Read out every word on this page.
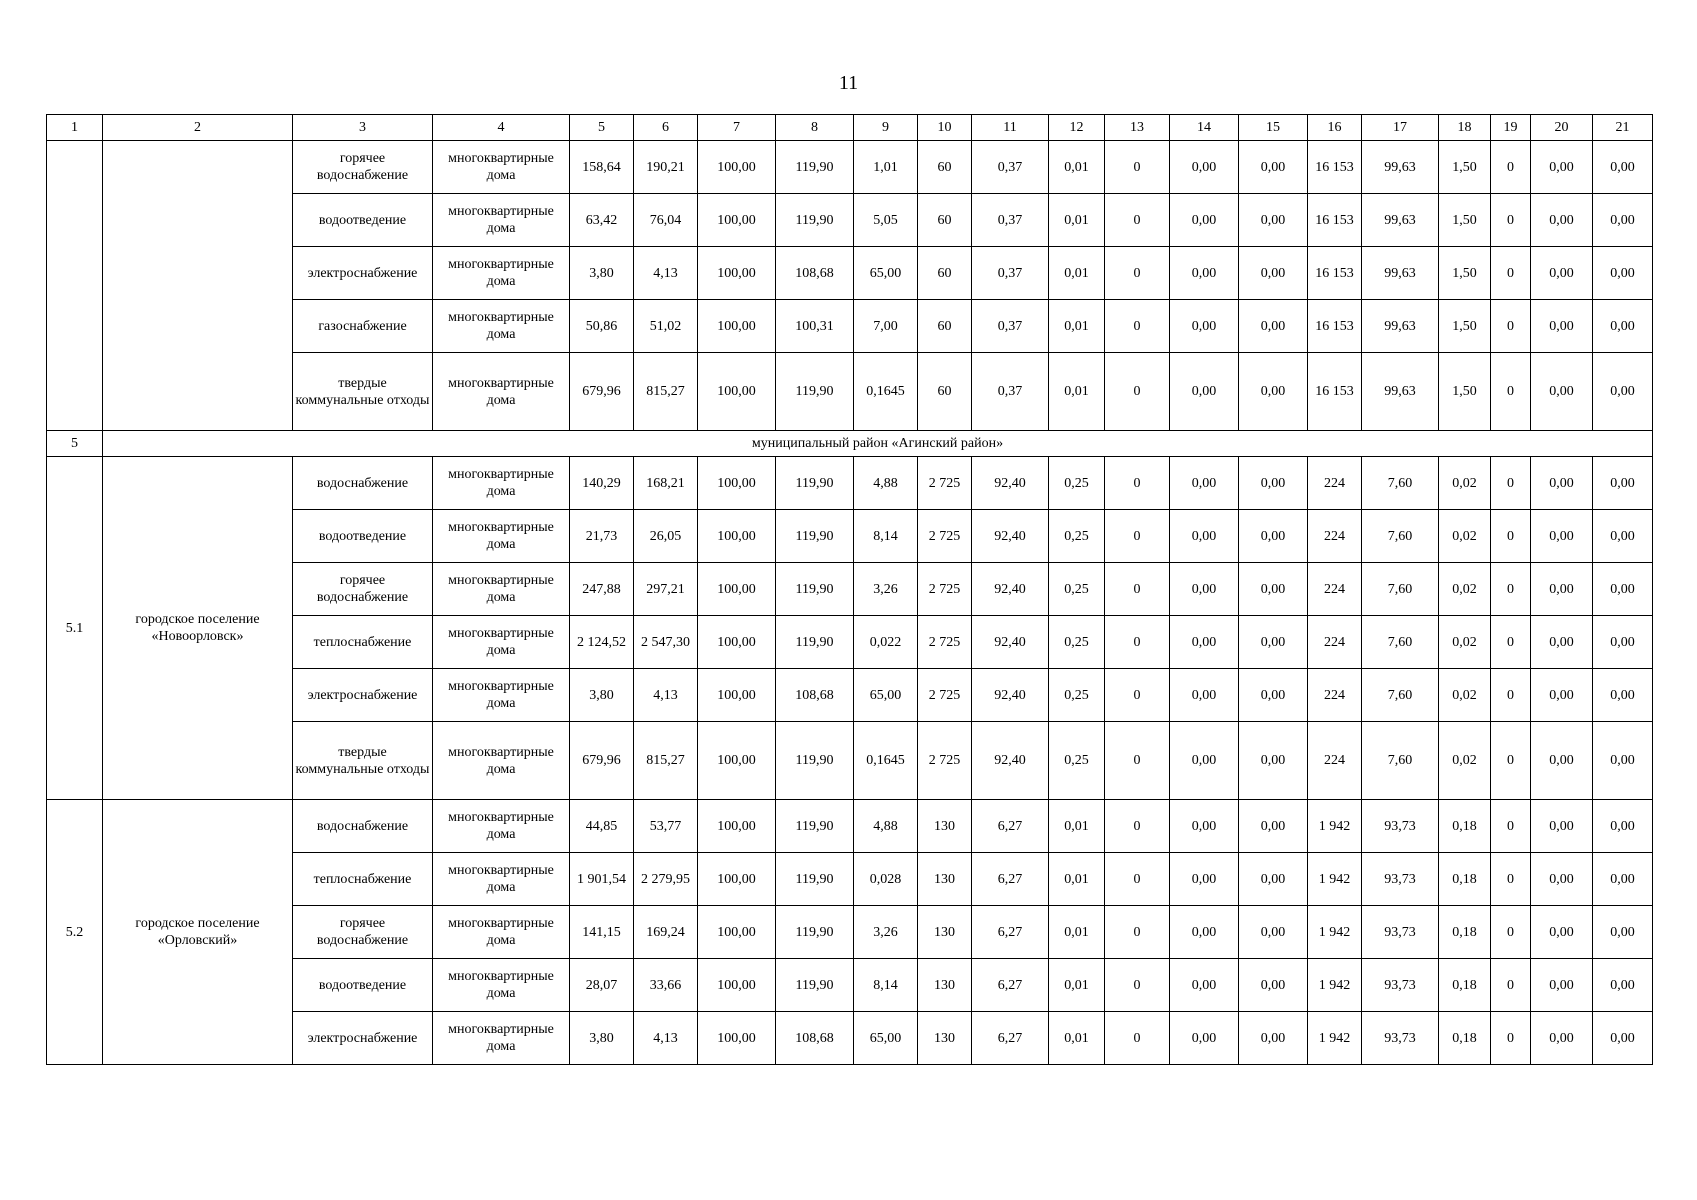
11
1	2	3	4	5	6	7	8	9	10	11	12	13	14	15	16	17	18	19	20	21
		горячее водоснабжение	многоквартирные дома	158,64	190,21	100,00	119,90	1,01	60	0,37	0,01	0	0,00	0,00	16 153	99,63	1,50	0	0,00	0,00
		водоотведение	многоквартирные дома	63,42	76,04	100,00	119,90	5,05	60	0,37	0,01	0	0,00	0,00	16 153	99,63	1,50	0	0,00	0,00
		электроснабжение	многоквартирные дома	3,80	4,13	100,00	108,68	65,00	60	0,37	0,01	0	0,00	0,00	16 153	99,63	1,50	0	0,00	0,00
		газоснабжение	многоквартирные дома	50,86	51,02	100,00	100,31	7,00	60	0,37	0,01	0	0,00	0,00	16 153	99,63	1,50	0	0,00	0,00
		твердые коммунальные отходы	многоквартирные дома	679,96	815,27	100,00	119,90	0,1645	60	0,37	0,01	0	0,00	0,00	16 153	99,63	1,50	0	0,00	0,00
5	муниципальный район «Агинский район»																			
5.1	городское поселение «Новоорловск»	водоснабжение	многоквартирные дома	140,29	168,21	100,00	119,90	4,88	2 725	92,40	0,25	0	0,00	0,00	224	7,60	0,02	0	0,00	0,00
		водоотведение	многоквартирные дома	21,73	26,05	100,00	119,90	8,14	2 725	92,40	0,25	0	0,00	0,00	224	7,60	0,02	0	0,00	0,00
		горячее водоснабжение	многоквартирные дома	247,88	297,21	100,00	119,90	3,26	2 725	92,40	0,25	0	0,00	0,00	224	7,60	0,02	0	0,00	0,00
		теплоснабжение	многоквартирные дома	2 124,52	2 547,30	100,00	119,90	0,022	2 725	92,40	0,25	0	0,00	0,00	224	7,60	0,02	0	0,00	0,00
		электроснабжение	многоквартирные дома	3,80	4,13	100,00	108,68	65,00	2 725	92,40	0,25	0	0,00	0,00	224	7,60	0,02	0	0,00	0,00
		твердые коммунальные отходы	многоквартирные дома	679,96	815,27	100,00	119,90	0,1645	2 725	92,40	0,25	0	0,00	0,00	224	7,60	0,02	0	0,00	0,00
5.2	городское поселение «Орловский»	водоснабжение	многоквартирные дома	44,85	53,77	100,00	119,90	4,88	130	6,27	0,01	0	0,00	0,00	1 942	93,73	0,18	0	0,00	0,00
		теплоснабжение	многоквартирные дома	1 901,54	2 279,95	100,00	119,90	0,028	130	6,27	0,01	0	0,00	0,00	1 942	93,73	0,18	0	0,00	0,00
		горячее водоснабжение	многоквартирные дома	141,15	169,24	100,00	119,90	3,26	130	6,27	0,01	0	0,00	0,00	1 942	93,73	0,18	0	0,00	0,00
		водоотведение	многоквартирные дома	28,07	33,66	100,00	119,90	8,14	130	6,27	0,01	0	0,00	0,00	1 942	93,73	0,18	0	0,00	0,00
		электроснабжение	многоквартирные дома	3,80	4,13	100,00	108,68	65,00	130	6,27	0,01	0	0,00	0,00	1 942	93,73	0,18	0	0,00	0,00
